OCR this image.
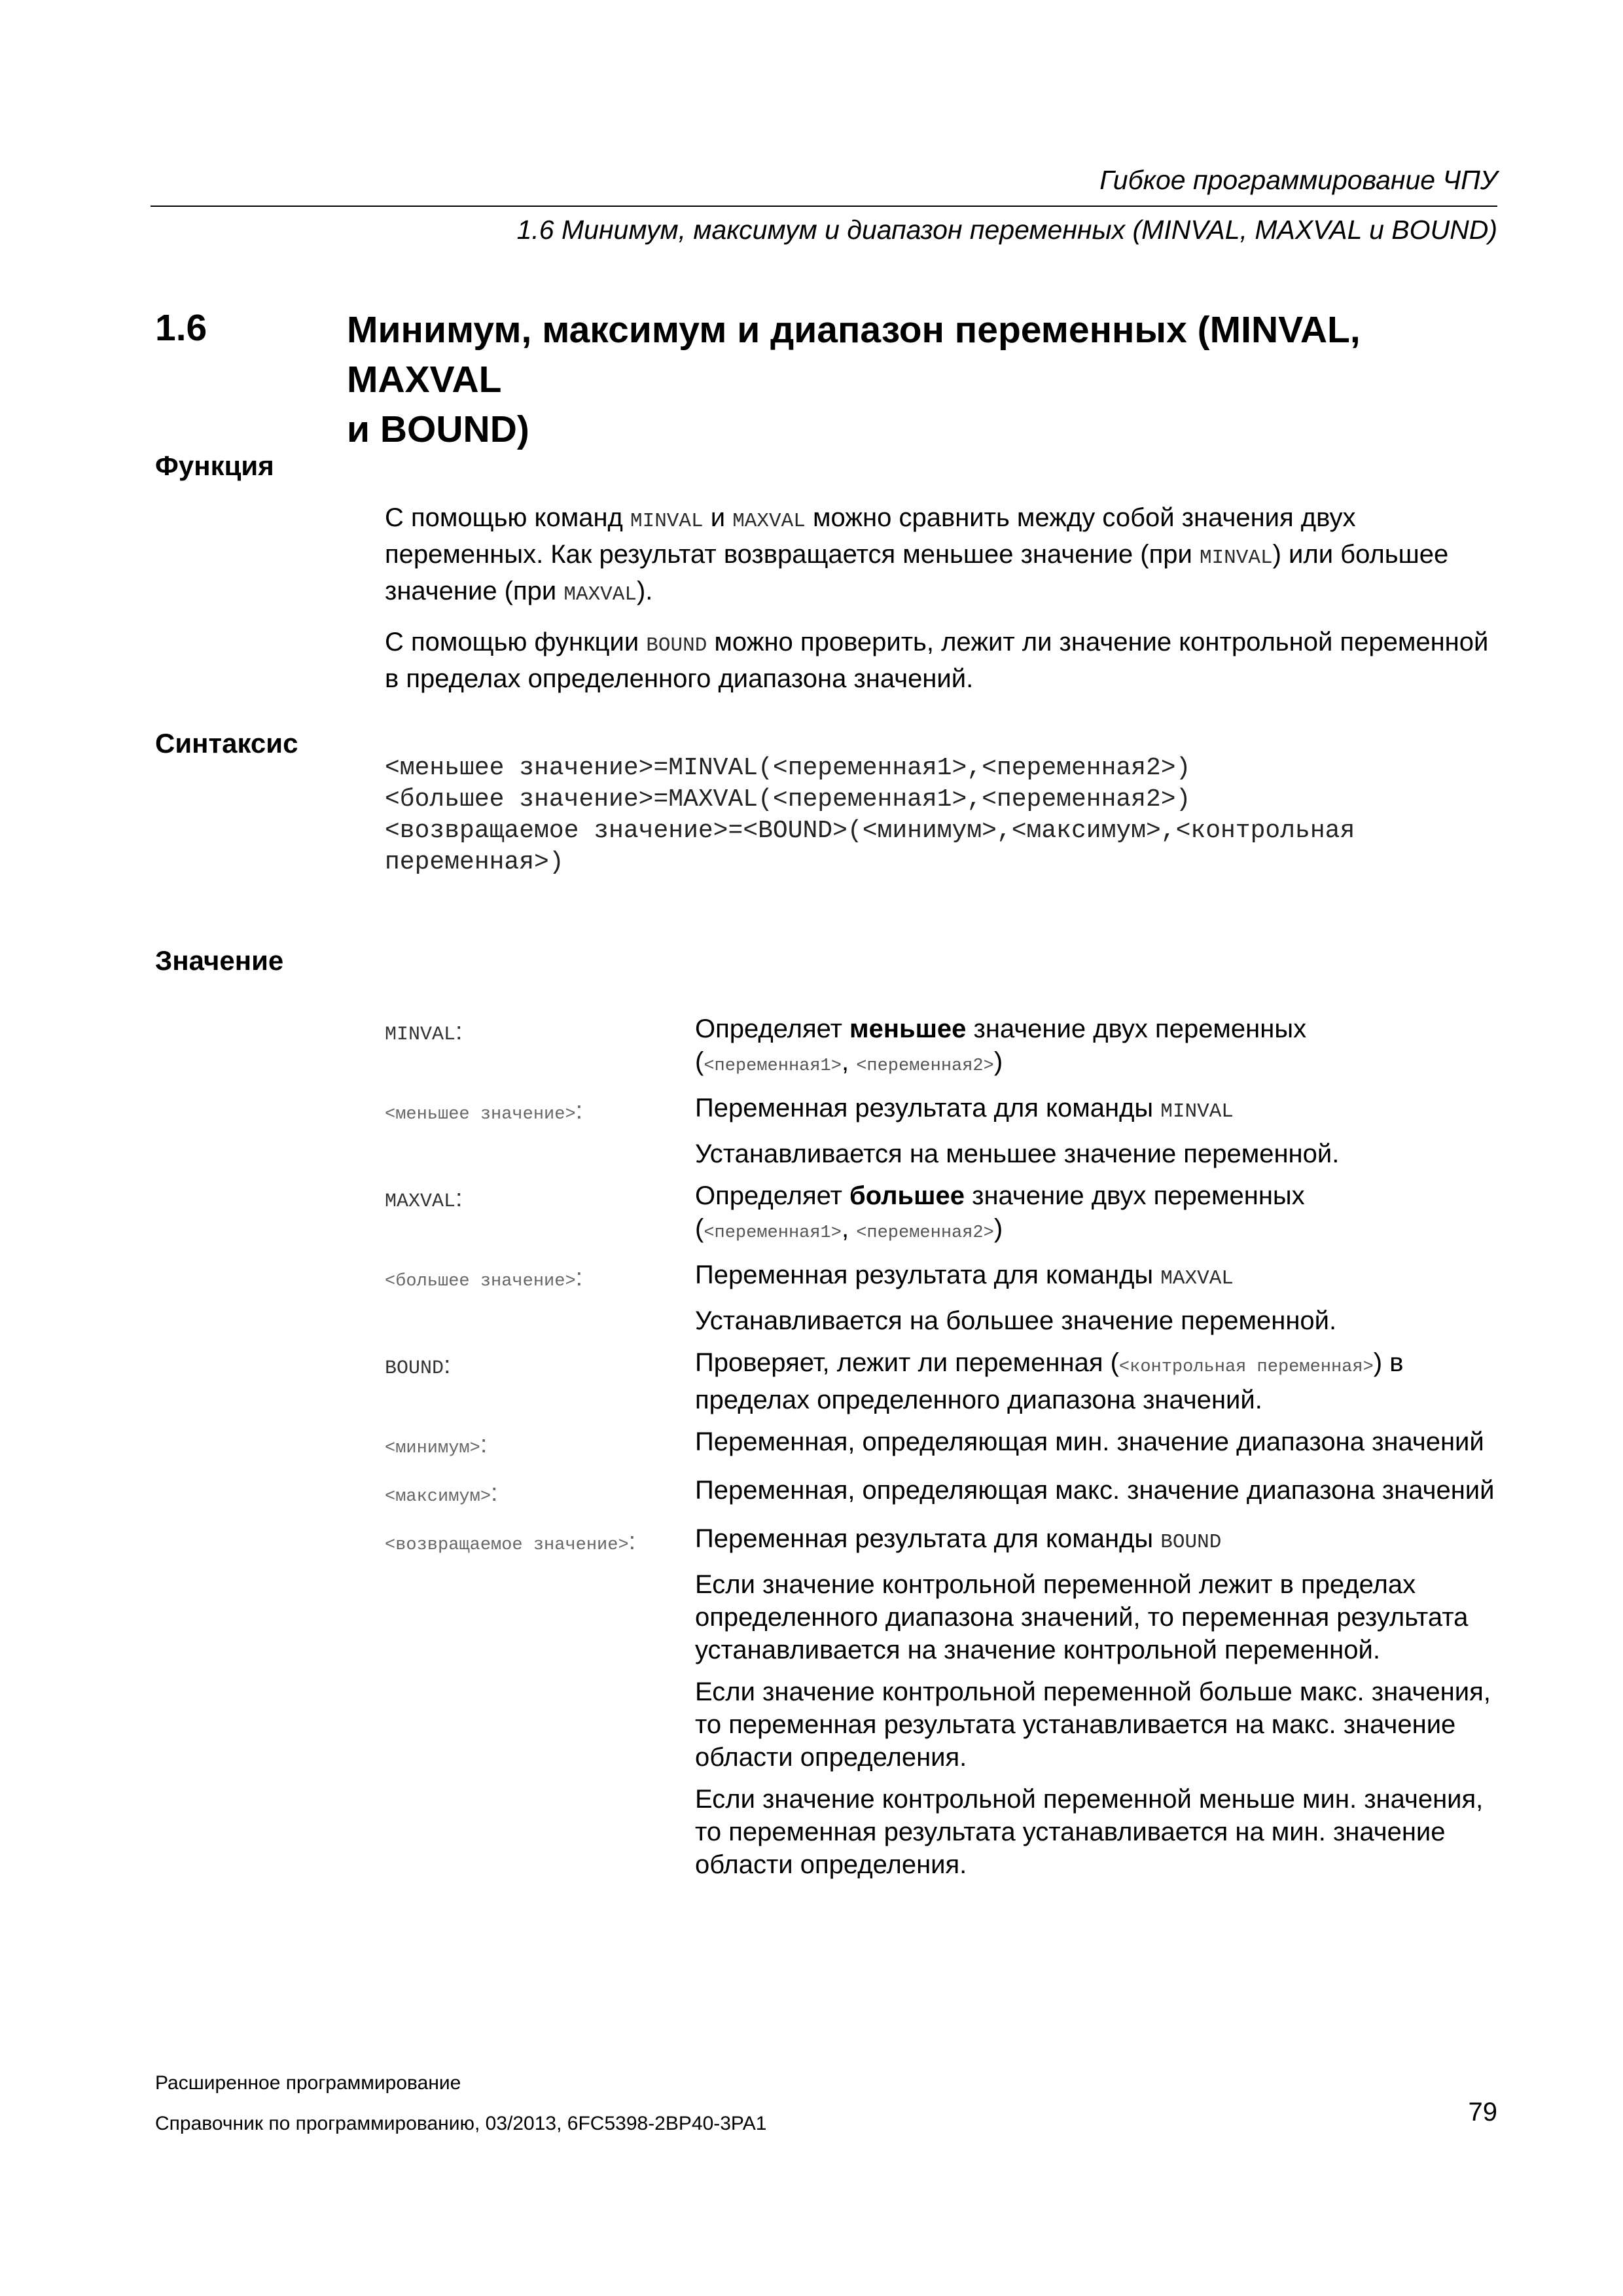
Гибкое программирование ЧПУ
1.6 Минимум, максимум и диапазон переменных (MINVAL, MAXVAL и BOUND)
1.6	Минимум, максимум и диапазон переменных (MINVAL, MAXVAL
и BOUND)
Функция

С помощью команд MINVAL и MAXVAL можно сравнить между собой значения двух переменных. Как результат возвращается меньшее значение (при MINVAL) или большее значение (при MAXVAL).

С помощью функции BOUND можно проверить, лежит ли значение контрольной переменной в пределах определенного диапазона значений.

Синтаксис
<меньшее значение>=MINVAL(<переменная1>,<переменная2>)
<большее значение>=MAXVAL(<переменная1>,<переменная2>)
<возвращаемое значение>=<BOUND>(<минимум>,<максимум>,<контрольная
переменная>)
Значение
MINVAL:	Определяет меньшее значение двух переменных
(<переменная1>, <переменная2>)

<меньшее значение>:	Переменная результата для команды MINVAL

Устанавливается на меньшее значение переменной.

MAXVAL:	Определяет большее значение двух переменных
(<переменная1>, <переменная2>)

<большее значение>:	Переменная результата для команды MAXVAL

Устанавливается на большее значение переменной.

BOUND:	Проверяет, лежит ли переменная (<контрольная переменная>) в пределах определенного диапазона значений.

<минимум>:	Переменная, определяющая мин. значение диапазона значений

<максимум>:	Переменная, определяющая макс. значение диапазона значений

<возвращаемое значение>:	Переменная результата для команды BOUND

Если значение контрольной переменной лежит в пределах определенного диапазона значений, то переменная результата устанавливается на значение контрольной переменной.

Если значение контрольной переменной больше макс. значения, то переменная результата устанавливается на макс. значение области определения.

Если значение контрольной переменной меньше мин. значения, то переменная результата устанавливается на мин. значение области определения.

Расширенное программирование
Справочник по программированию, 03/2013, 6FC5398-2BP40-3PA1	79
